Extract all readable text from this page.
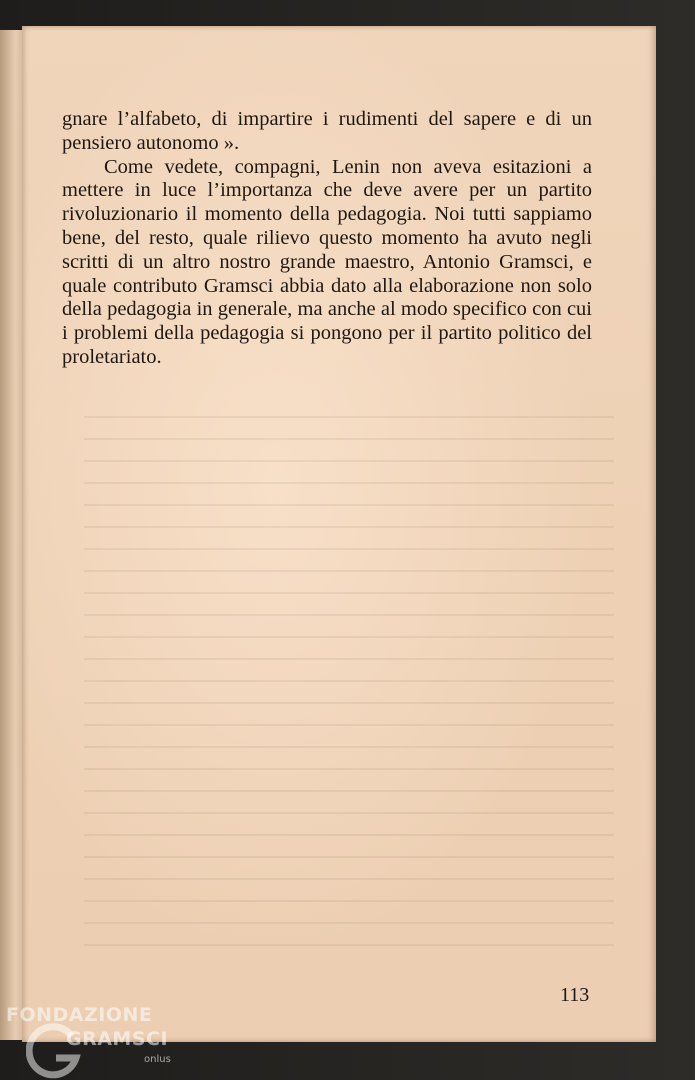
gnare l’alfabeto, di impartire i rudimenti del sapere e di un pensiero autonomo ».

Come vedete, compagni, Lenin non aveva esitazioni a mettere in luce l’importanza che deve avere per un partito rivoluzionario il momento della pedagogia. Noi tutti sappiamo bene, del resto, quale rilievo questo momento ha avuto negli scritti di un altro nostro grande maestro, Antonio Gramsci, e quale contributo Gramsci abbia dato alla elaborazione non solo della pedagogia in generale, ma anche al modo specifico con cui i problemi della pedagogia si pongono per il partito politico del proletariato.

113
FONDAZIONE
GRAMSCI
onlus
